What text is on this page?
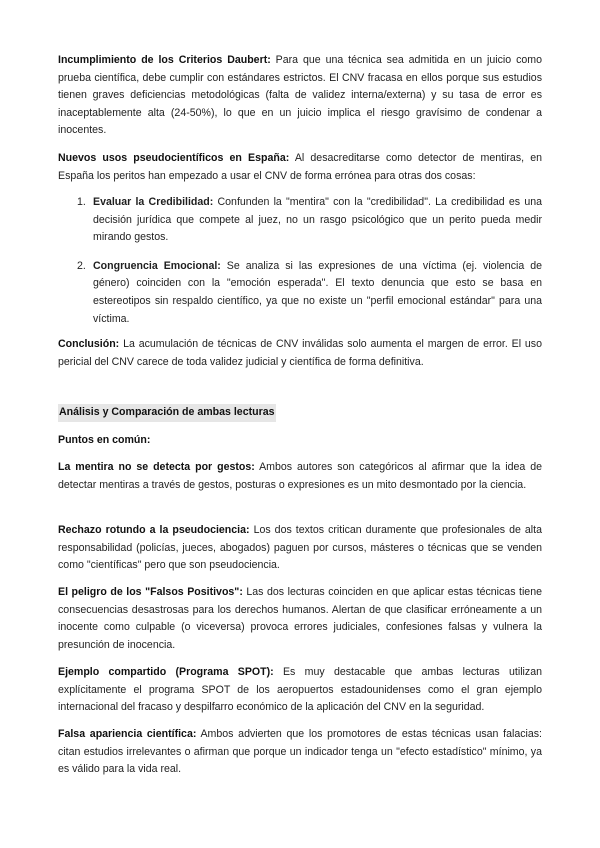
Incumplimiento de los Criterios Daubert: Para que una técnica sea admitida en un juicio como prueba científica, debe cumplir con estándares estrictos. El CNV fracasa en ellos porque sus estudios tienen graves deficiencias metodológicas (falta de validez interna/externa) y su tasa de error es inaceptablemente alta (24-50%), lo que en un juicio implica el riesgo gravísimo de condenar a inocentes.

Nuevos usos pseudocientíficos en España: Al desacreditarse como detector de mentiras, en España los peritos han empezado a usar el CNV de forma errónea para otras dos cosas:

1. Evaluar la Credibilidad: Confunden la "mentira" con la "credibilidad". La credibilidad es una decisión jurídica que compete al juez, no un rasgo psicológico que un perito pueda medir mirando gestos.
2. Congruencia Emocional: Se analiza si las expresiones de una víctima (ej. violencia de género) coinciden con la "emoción esperada". El texto denuncia que esto se basa en estereotipos sin respaldo científico, ya que no existe un "perfil emocional estándar" para una víctima.

Conclusión: La acumulación de técnicas de CNV inválidas solo aumenta el margen de error. El uso pericial del CNV carece de toda validez judicial y científica de forma definitiva.

Análisis y Comparación de ambas lecturas
Puntos en común:

La mentira no se detecta por gestos: Ambos autores son categóricos al afirmar que la idea de detectar mentiras a través de gestos, posturas o expresiones es un mito desmontado por la ciencia.

Rechazo rotundo a la pseudociencia: Los dos textos critican duramente que profesionales de alta responsabilidad (policías, jueces, abogados) paguen por cursos, másteres o técnicas que se venden como "científicas" pero que son pseudociencia.

El peligro de los "Falsos Positivos": Las dos lecturas coinciden en que aplicar estas técnicas tiene consecuencias desastrosas para los derechos humanos. Alertan de que clasificar erróneamente a un inocente como culpable (o viceversa) provoca errores judiciales, confesiones falsas y vulnera la presunción de inocencia.

Ejemplo compartido (Programa SPOT): Es muy destacable que ambas lecturas utilizan explícitamente el programa SPOT de los aeropuertos estadounidenses como el gran ejemplo internacional del fracaso y despilfarro económico de la aplicación del CNV en la seguridad.

Falsa apariencia científica: Ambos advierten que los promotores de estas técnicas usan falacias: citan estudios irrelevantes o afirman que porque un indicador tenga un "efecto estadístico" mínimo, ya es válido para la vida real.
